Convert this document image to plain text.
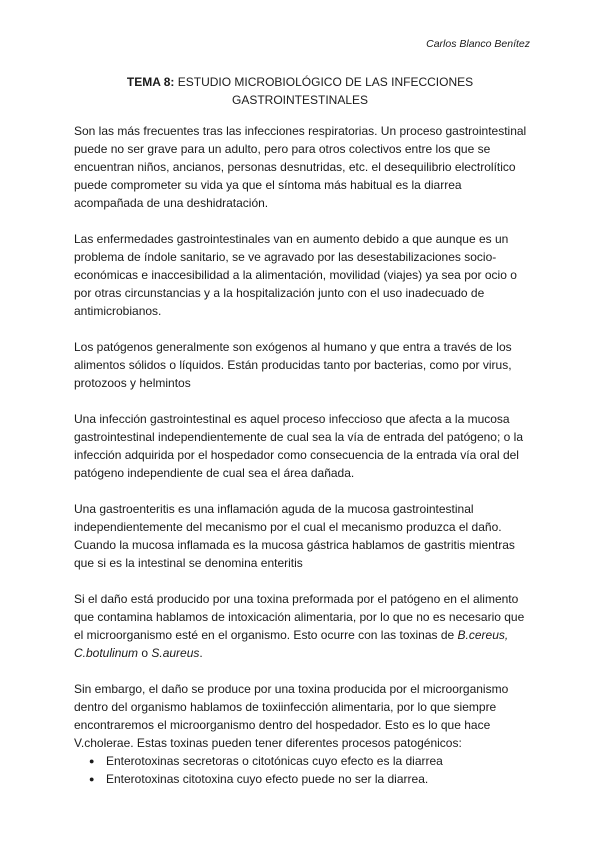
Carlos Blanco Benítez
TEMA 8: ESTUDIO MICROBIOLÓGICO DE LAS INFECCIONES GASTROINTESTINALES

Son las más frecuentes tras las infecciones respiratorias. Un proceso gastrointestinal puede no ser grave para un adulto, pero para otros colectivos entre los que se encuentran niños, ancianos, personas desnutridas, etc. el desequilibrio electrolítico puede comprometer su vida ya que el síntoma más habitual es la diarrea acompañada de una deshidratación.

Las enfermedades gastrointestinales van en aumento debido a que aunque es un problema de índole sanitario, se ve agravado por las desestabilizaciones socio-económicas e inaccesibilidad a la alimentación, movilidad (viajes) ya sea por ocio o por otras circunstancias y a la hospitalización junto con el uso inadecuado de antimicrobianos.

Los patógenos generalmente son exógenos al humano y que entra a través de los alimentos sólidos o líquidos. Están producidas tanto por bacterias, como por virus, protozoos y helmintos

Una infección gastrointestinal es aquel proceso infeccioso que afecta a la mucosa gastrointestinal independientemente de cual sea la vía de entrada del patógeno; o la infección adquirida por el hospedador como consecuencia de la entrada vía oral del patógeno independiente de cual sea el área dañada.

Una gastroenteritis es una inflamación aguda de la mucosa gastrointestinal independientemente del mecanismo por el cual el mecanismo produzca el daño. Cuando la mucosa inflamada es la mucosa gástrica hablamos de gastritis mientras que si es la intestinal se denomina enteritis

Si el daño está producido por una toxina preformada por el patógeno en el alimento que contamina hablamos de intoxicación alimentaria, por lo que no es necesario que el microorganismo esté en el organismo. Esto ocurre con las toxinas de B.cereus, C.botulinum o S.aureus.

Sin embargo, el daño se produce por una toxina producida por el microorganismo dentro del organismo hablamos de toxiinfección alimentaria, por lo que siempre encontraremos el microorganismo dentro del hospedador. Esto es lo que hace V.cholerae. Estas toxinas pueden tener diferentes procesos patogénicos:

● Enterotoxinas secretoras o citotónicas cuyo efecto es la diarrea
● Enterotoxinas citotoxina cuyo efecto puede no ser la diarrea.
